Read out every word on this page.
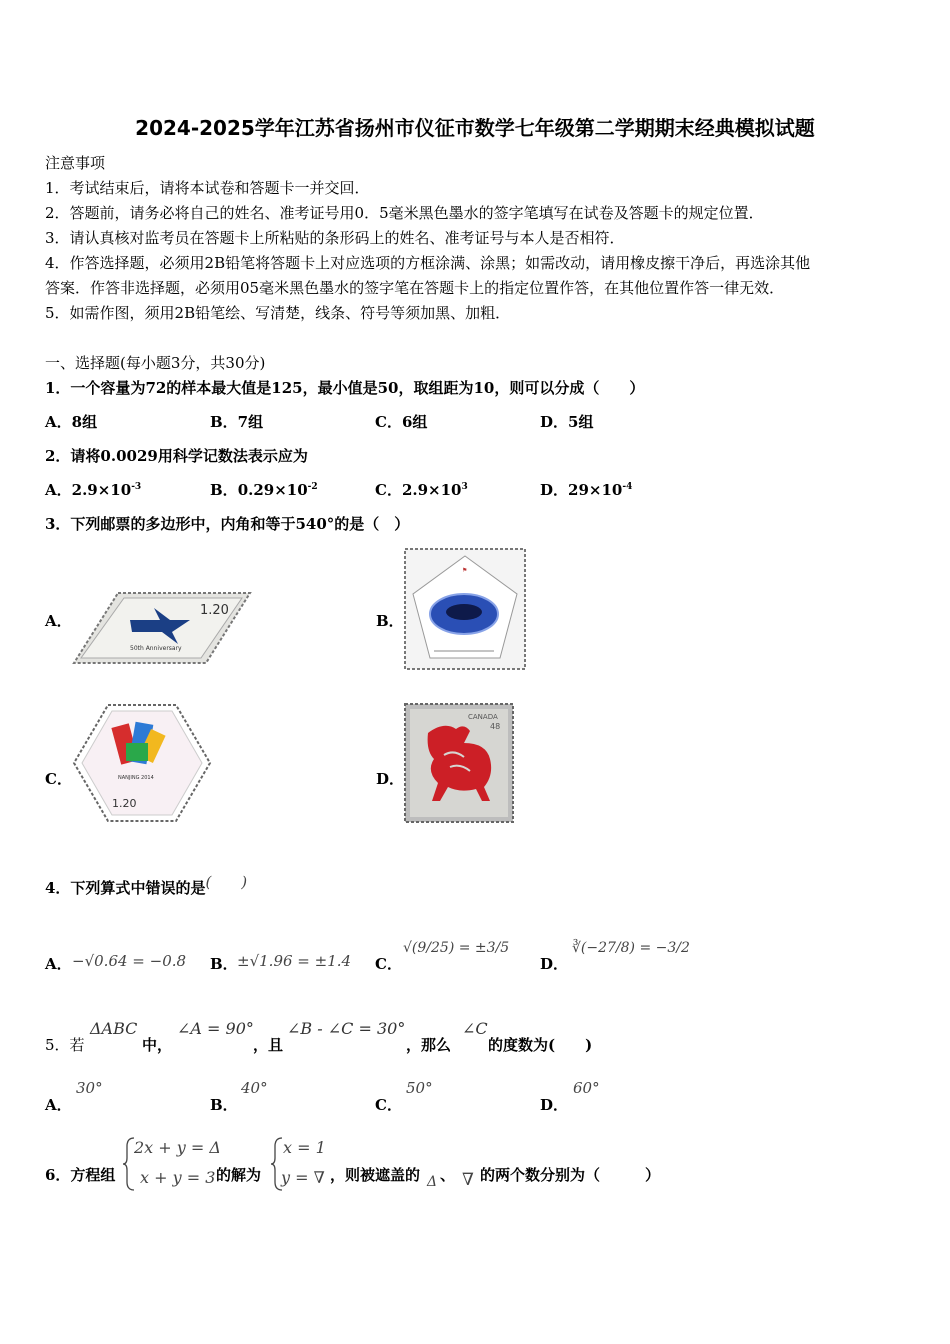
2024-2025学年江苏省扬州市仪征市数学七年级第二学期期末经典模拟试题
注意事项
1．考试结束后，请将本试卷和答题卡一并交回．
2．答题前，请务必将自己的姓名、准考证号用0．5毫米黑色墨水的签字笔填写在试卷及答题卡的规定位置．
3．请认真核对监考员在答题卡上所粘贴的条形码上的姓名、准考证号与本人是否相符．
4．作答选择题，必须用2B铅笔将答题卡上对应选项的方框涂满、涂黑；如需改动，请用橡皮擦干净后，再选涂其他
答案．作答非选择题，必须用05毫米黑色墨水的签字笔在答题卡上的指定位置作答，在其他位置作答一律无效．
5．如需作图，须用2B铅笔绘、写清楚，线条、符号等须加黑、加粗．
一、选择题(每小题3分，共30分)
1．一个容量为72的样本最大值是125，最小值是50，取组距为10，则可以分成（　　）
A．8组	B．7组	C．6组	D．5组
2．请将0.0029用科学记数法表示应为
A．$2.9\times 10^{-3}$	B．$0.29\times 10^{-2}$	C．$2.9\times 10^3$	D．$29\times 10^{-4}$
3．下列邮票的多边形中，内角和等于540°的是（　）
A．	B．
C．	D．
1.20
50th Anniversary
⚑
NANJING 2014
1.20
CANADA
48
4．下列算式中错误的是(　　)
A． −√0.64 = −0.8 B． ±√1.96 = ±1.4 C．
√(9/25) = ±3/5
D．
∛(−27/8) = −3/2
5．若
ΔABC
中，
∠A = 90°
，且
∠B - ∠C = 30°
，那么
∠C
的度数为(　　)
A．
30°
B．
40°
C．
50°
D．
60°
6．方程组
2x + y = Δ
x + y = 3 的解为
x = 1
y = ∇ ，则被遮盖的 Δ 、 ∇ 的两个数分别为（　　　）
